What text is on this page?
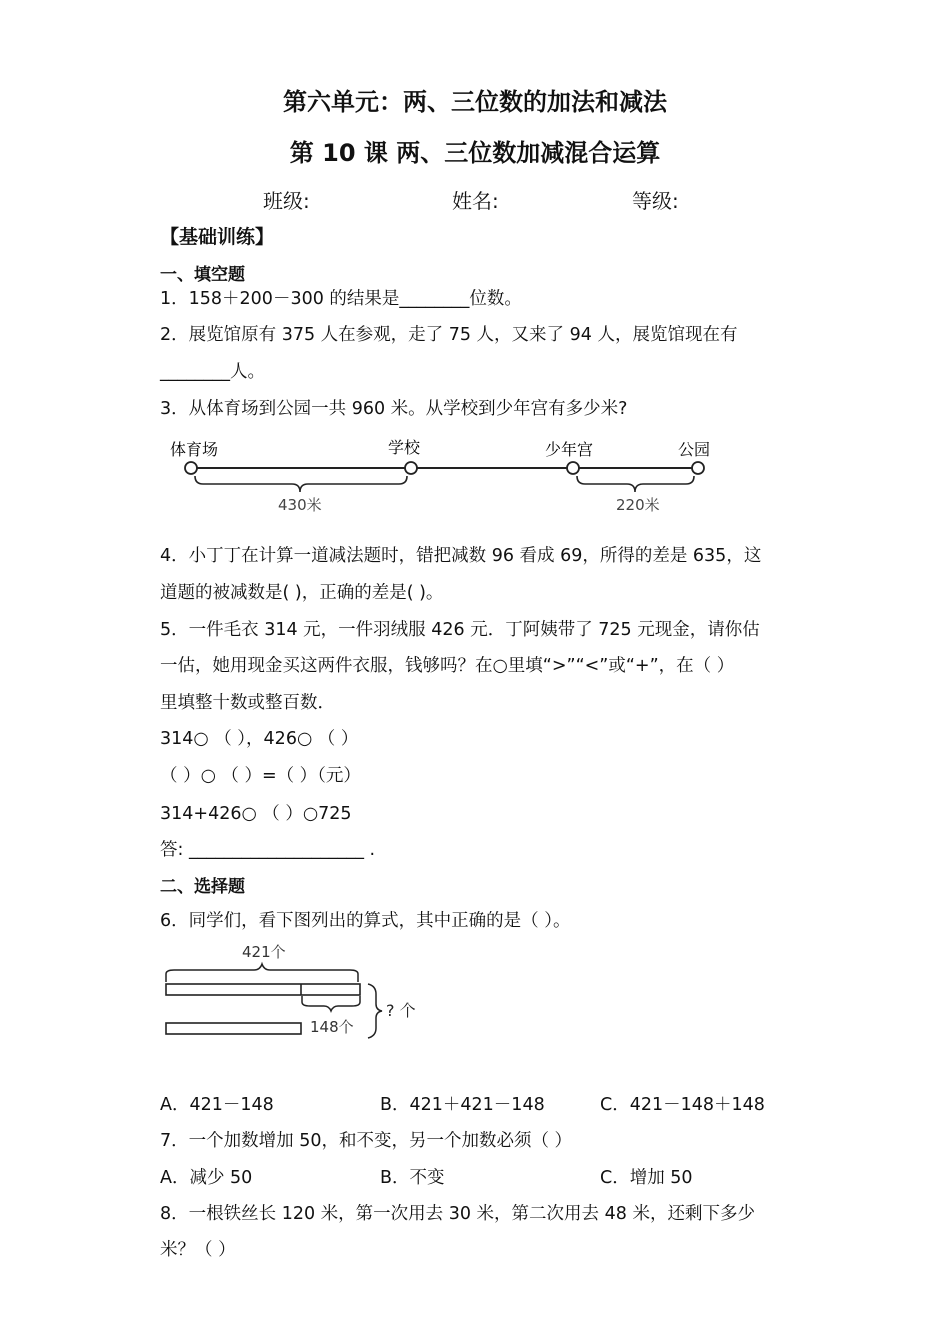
第六单元：两、三位数的加法和减法
第 10 课 两、三位数加减混合运算
班级:	姓名:	等级:
【基础训练】
一、填空题
1．158＋200－300 的结果是________位数。
2．展览馆原有 375 人在参观，走了 75 人，又来了 94 人，展览馆现在有
________人。
3．从体育场到公园一共 960 米。从学校到少年宫有多少米?
体育场	学校	少年宫	公园
430米	220米
4．小丁丁在计算一道减法题时，错把减数 96 看成 69，所得的差是 635，这
道题的被减数是( )，正确的差是( )。
5．一件毛衣 314 元，一件羽绒服 426 元．丁阿姨带了 725 元现金，请你估
一估，她用现金买这两件衣服，钱够吗？在○里填“>”“<”或“+”，在（ ）
里填整十数或整百数．
314○ （ ），426○ （ ）
（ ）○ （ ）=（ ）（元）
314+426○ （ ）○725
答: ____________________ .
二、选择题
6．同学们，看下图列出的算式，其中正确的是（ ）。
421个
148个
? 个
A．421－148	B．421＋421－148	C．421－148＋148
7．一个加数增加 50，和不变，另一个加数必须（ ）
A．减少 50	B．不变	C．增加 50
8．一根铁丝长 120 米，第一次用去 30 米，第二次用去 48 米，还剩下多少
米？（ ）
